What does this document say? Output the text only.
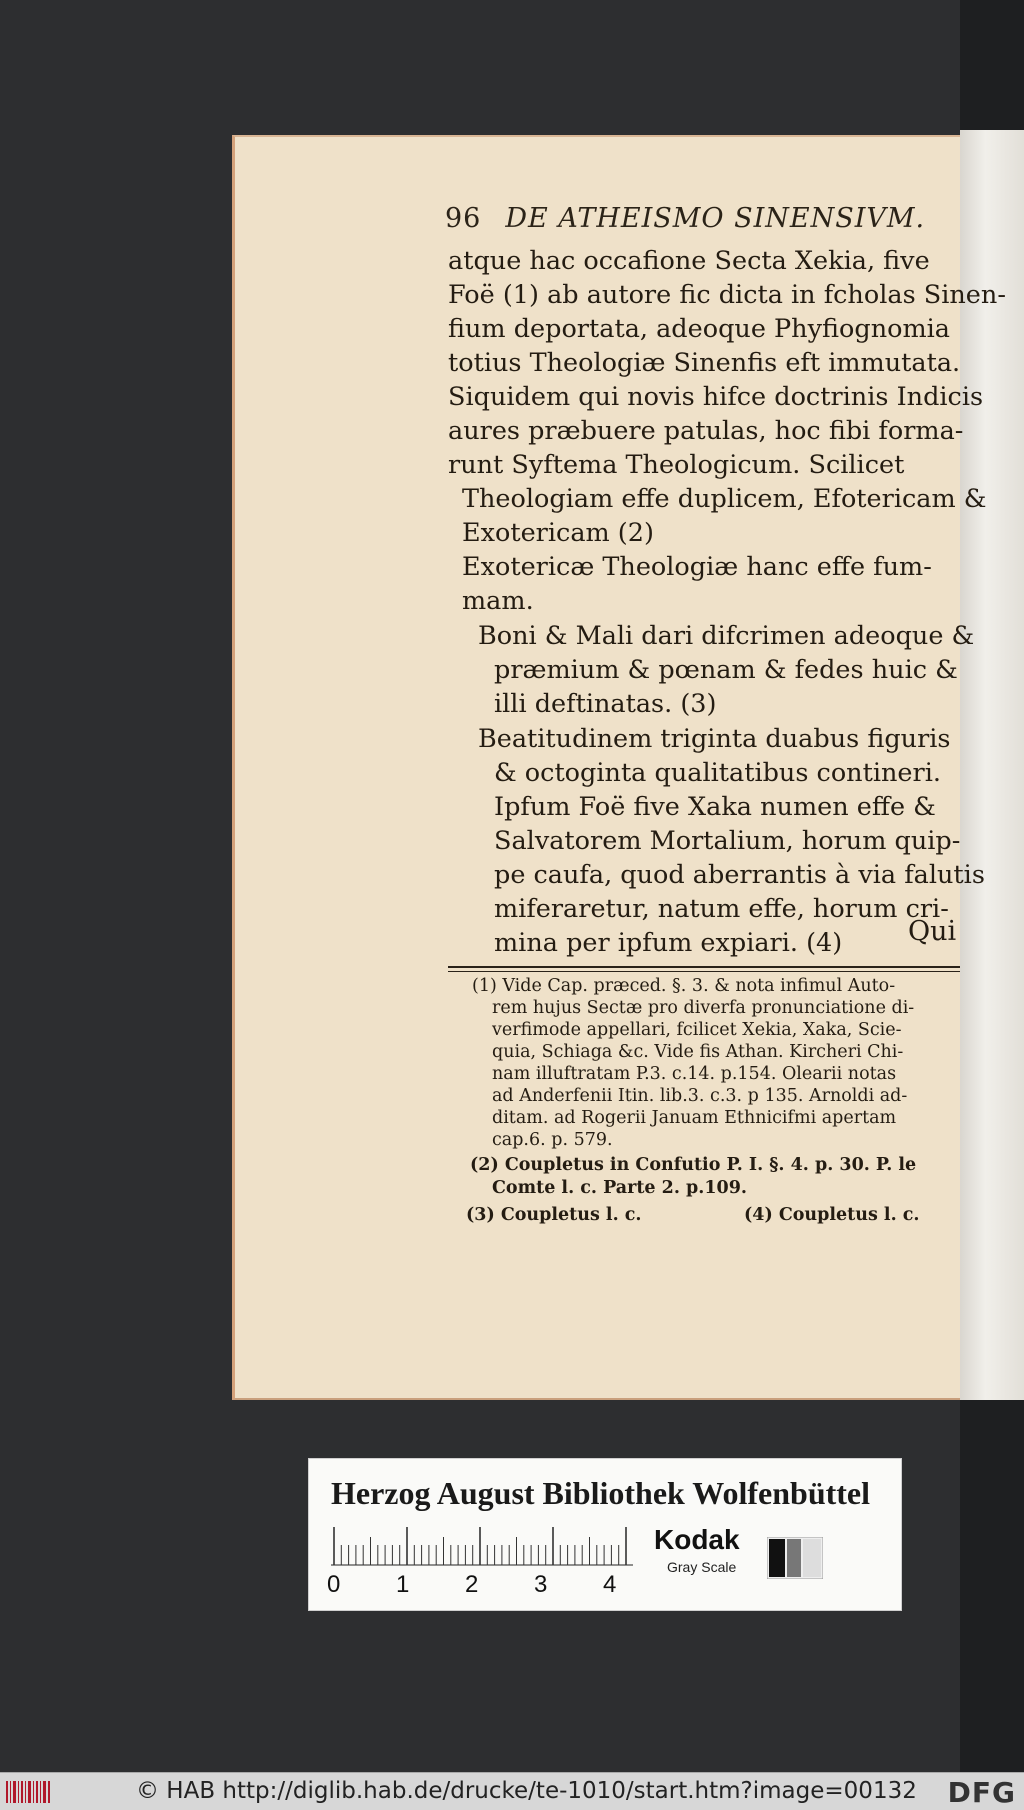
96 DE ATHEISMO SINENSIVM.
atque hac occafione Secta Xekia, five
Foë (1) ab autore fic dicta in fcholas Sinen-
fium deportata, adeoque Phyfiognomia
totius Theologiæ Sinenfis eft immutata.
Siquidem qui novis hifce doctrinis Indicis
aures præbuere patulas, hoc fibi forma-
runt Syftema Theologicum. Scilicet
Theologiam effe duplicem, Efotericam &
Exotericam (2)
Exotericæ Theologiæ hanc effe fum-
mam.
Boni & Mali dari difcrimen adeoque &
præmium & pœnam & fedes huic &
illi deftinatas. (3)
Beatitudinem triginta duabus figuris
& octoginta qualitatibus contineri.
Ipfum Foë five Xaka numen effe &
Salvatorem Mortalium, horum quip-
pe caufa, quod aberrantis à via falutis
miferaretur, natum effe, horum cri-
mina per ipfum expiari. (4) Qui
(1) Vide Cap. præced. §. 3. & nota infimul Auto-
rem hujus Sectæ pro diverfa pronunciatione di-
verfimode appellari, fcilicet Xekia, Xaka, Scie-
quia, Schiaga &c. Vide fis Athan. Kircheri Chi-
nam illuftratam P.3. c.14. p.154. Olearii notas
ad Anderfenii Itin. lib.3. c.3. p 135. Arnoldi ad-
ditam. ad Rogerii Januam Ethnicifmi apertam
cap.6. p. 579.
(2) Coupletus in Confutio P. I. §. 4. p. 30. P. le
Comte l. c. Parte 2. p.109.
(3) Coupletus l. c.	(4) Coupletus l. c.
Herzog August Bibliothek Wolfenbüttel
0 1 2 3 4
Kodak
Gray Scale
© HAB http://diglib.hab.de/drucke/te-1010/start.htm?image=00132 DFG
